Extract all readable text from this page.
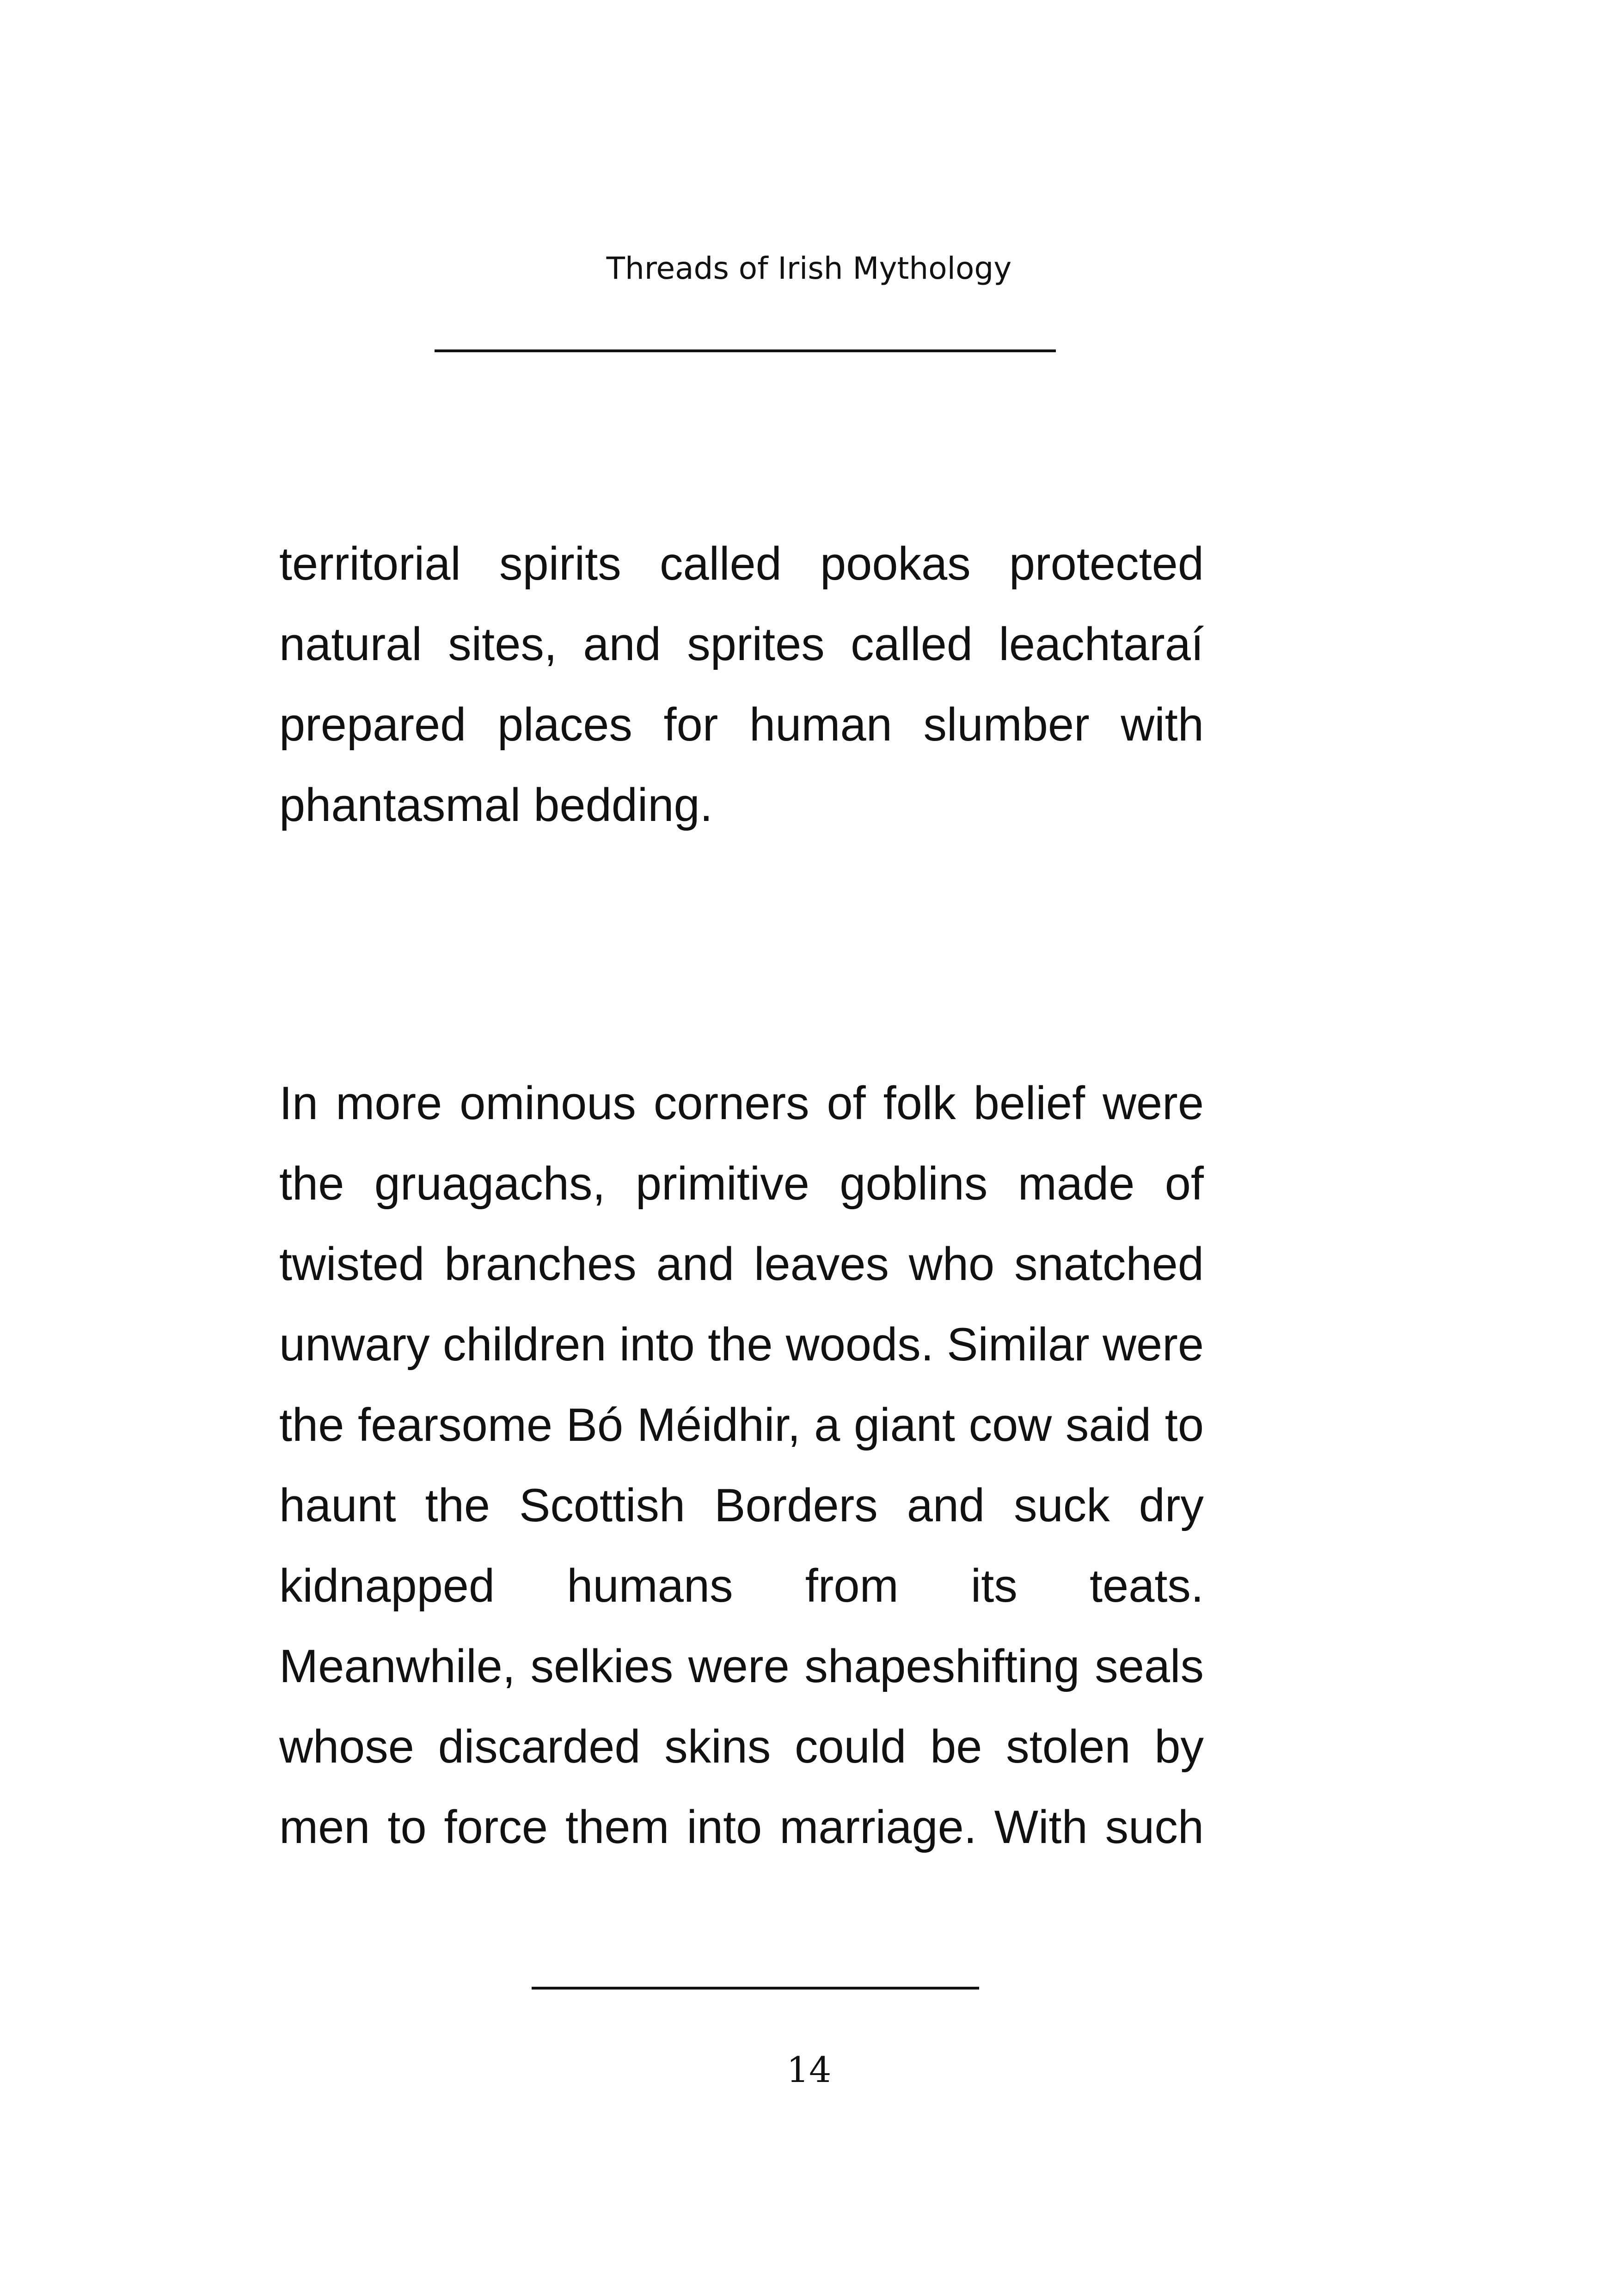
Threads of Irish Mythology

territorial spirits called pookas protected natural sites, and sprites called leachtaraí prepared places for human slumber with phantasmal bedding.

In more ominous corners of folk belief were the gruagachs, primitive goblins made of twisted branches and leaves who snatched unwary children into the woods. Similar were the fearsome Bó Méidhir, a giant cow said to haunt the Scottish Borders and suck dry kidnapped humans from its teats. Meanwhile, selkies were shapeshifting seals whose discarded skins could be stolen by men to force them into marriage. With such

14
